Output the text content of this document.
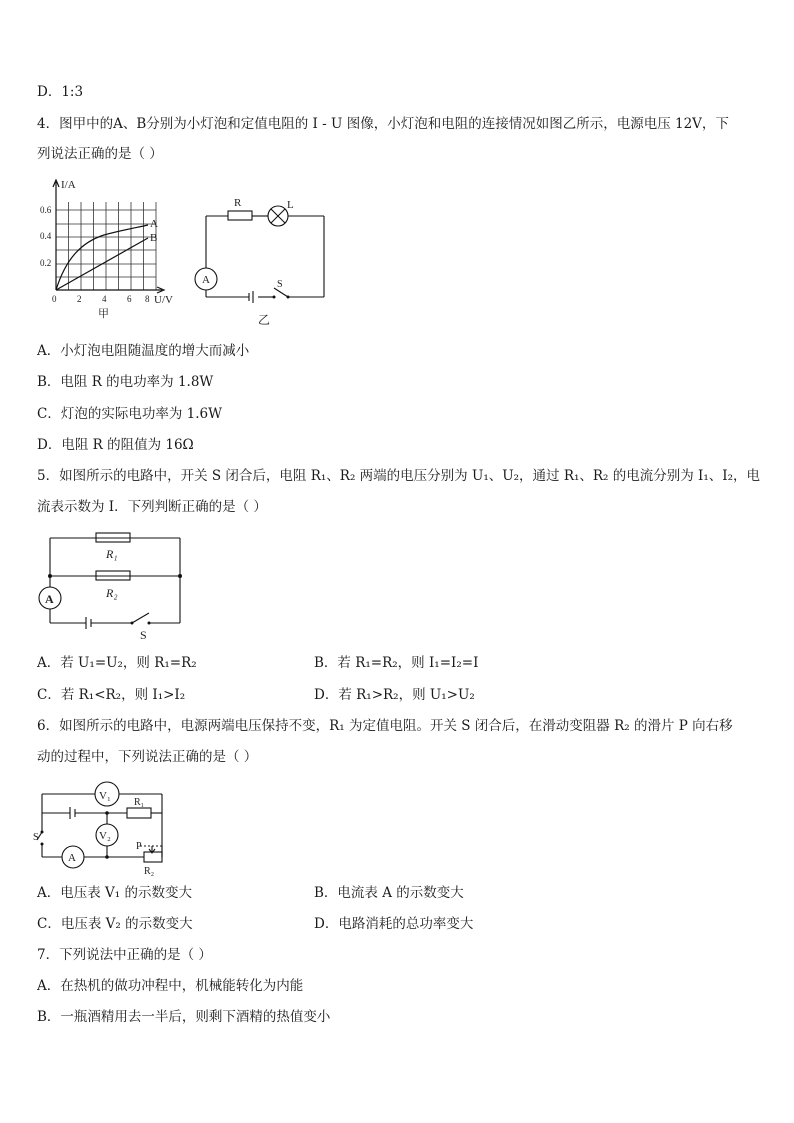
D．1:3
4．图甲中的A、B分别为小灯泡和定值电阻的 I - U 图像，小灯泡和电阻的连接情况如图乙所示，电源电压 12V，下
列说法正确的是（ ）
I/A
0.6
0.4
0.2
0 2 4 6 8 U/V
A
B
甲
R	L
A	S
乙
A．小灯泡电阻随温度的增大而减小
B．电阻 R 的电功率为 1.8W
C．灯泡的实际电功率为 1.6W
D．电阻 R 的阻值为 16Ω
5．如图所示的电路中，开关 S 闭合后，电阻 R₁、R₂ 两端的电压分别为 U₁、U₂，通过 R₁、R₂ 的电流分别为 I₁、I₂，电
流表示数为 I．下列判断正确的是（ ）
R₁
R₂
A
S
A．若 U₁=U₂，则 R₁=R₂	B．若 R₁=R₂，则 I₁=I₂=I
C．若 R₁<R₂，则 I₁>I₂	D．若 R₁>R₂，则 U₁>U₂
6．如图所示的电路中，电源两端电压保持不变，R₁ 为定值电阻。开关 S 闭合后，在滑动变阻器 R₂ 的滑片 P 向右移
动的过程中，下列说法正确的是（ ）
V₁
R₁
V₂
S
A
P
R₂
A．电压表 V₁ 的示数变大	B．电流表 A 的示数变大
C．电压表 V₂ 的示数变大	D．电路消耗的总功率变大
7．下列说法中正确的是（ ）
A．在热机的做功冲程中，机械能转化为内能
B．一瓶酒精用去一半后，则剩下酒精的热值变小
